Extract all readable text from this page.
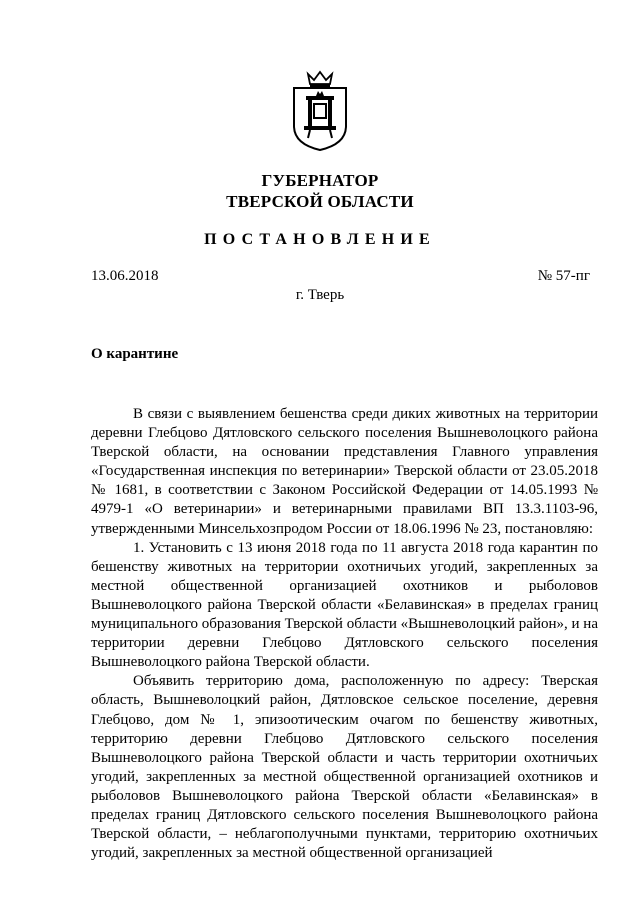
ГУБЕРНАТОР
ТВЕРСКОЙ ОБЛАСТИ
ПОСТАНОВЛЕНИЕ
13.06.2018	№ 57-пг
г. Тверь
О карантине

В связи с выявлением бешенства среди диких животных на территории деревни Глебцово Дятловского сельского поселения Вышневолоцкого района Тверской области, на основании представления Главного управления «Государственная инспекция по ветеринарии» Тверской области от 23.05.2018 № 1681, в соответствии с Законом Российской Федерации от 14.05.1993 № 4979-1 «О ветеринарии» и ветеринарными правилами ВП 13.3.1103-96, утвержденными Минсельхозпродом России от 18.06.1996 № 23, постановляю:

1. Установить с 13 июня 2018 года по 11 августа 2018 года карантин по бешенству животных на территории охотничьих угодий, закрепленных за местной общественной организацией охотников и рыболовов Вышневолоцкого района Тверской области «Белавинская» в пределах границ муниципального образования Тверской области «Вышневолоцкий район», и на территории деревни Глебцово Дятловского сельского поселения Вышневолоцкого района Тверской области.

Объявить территорию дома, расположенную по адресу: Тверская область, Вышневолоцкий район, Дятловское сельское поселение, деревня Глебцово, дом № 1, эпизоотическим очагом по бешенству животных, территорию деревни Глебцово Дятловского сельского поселения Вышневолоцкого района Тверской области и часть территории охотничьих угодий, закрепленных за местной общественной организацией охотников и рыболовов Вышневолоцкого района Тверской области «Белавинская» в пределах границ Дятловского сельского поселения Вышневолоцкого района Тверской области, – неблагополучными пунктами, территорию охотничьих угодий, закрепленных за местной общественной организацией
